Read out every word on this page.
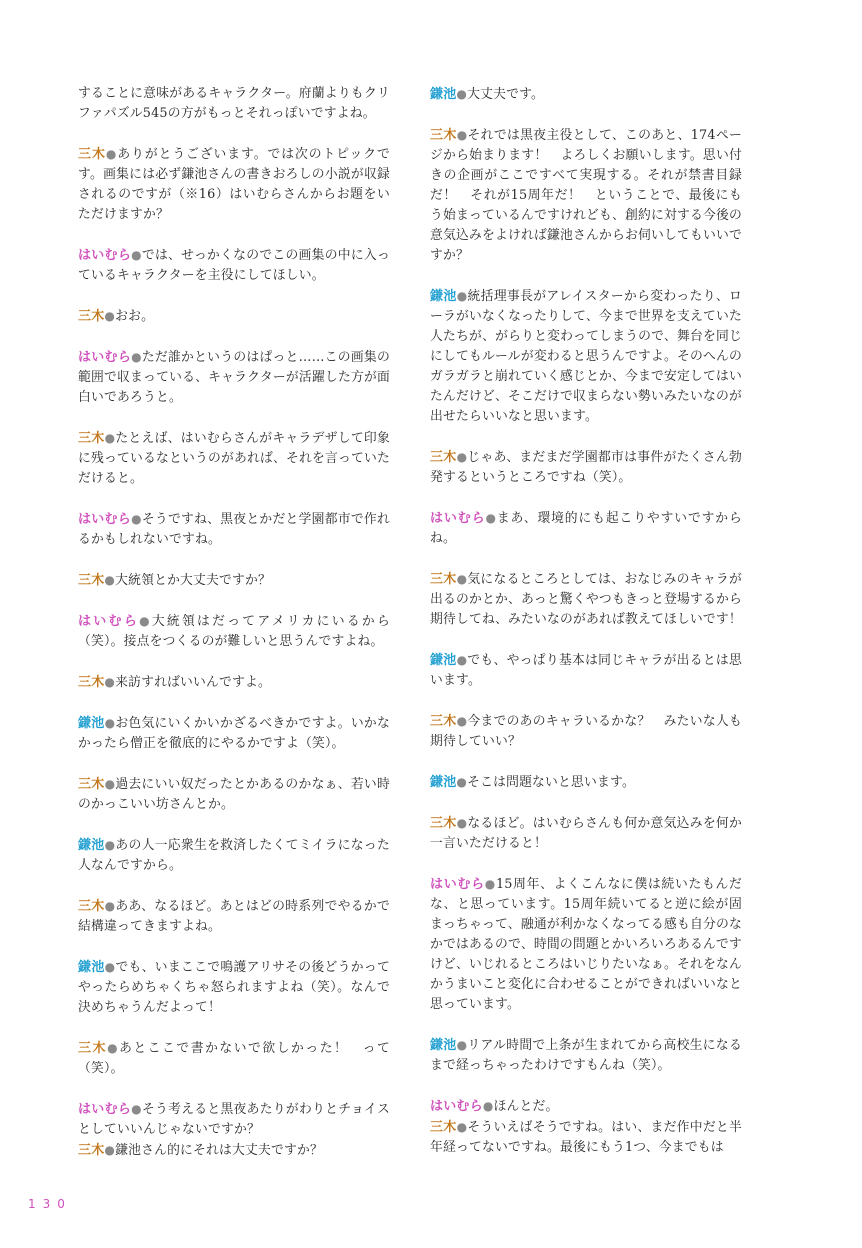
することに意味があるキャラクター。府蘭よりもクリファパズル545の方がもっとそれっぽいですよね。

三木●ありがとうございます。では次のトピックです。画集には必ず鎌池さんの書きおろしの小説が収録されるのですが（※16）はいむらさんからお題をいただけますか？

はいむら●では、せっかくなのでこの画集の中に入っているキャラクターを主役にしてほしい。

三木●おお。

はいむら●ただ誰かというのはぱっと……この画集の範囲で収まっている、キャラクターが活躍した方が面白いであろうと。

三木●たとえば、はいむらさんがキャラデザして印象に残っているなというのがあれば、それを言っていただけると。

はいむら●そうですね、黒夜とかだと学園都市で作れるかもしれないですね。

三木●大統領とか大丈夫ですか？

はいむら●大統領はだってアメリカにいるから（笑）。接点をつくるのが難しいと思うんですよね。

三木●来訪すればいいんですよ。

鎌池●お色気にいくかいかざるべきかですよ。いかなかったら僧正を徹底的にやるかですよ（笑）。

三木●過去にいい奴だったとかあるのかなぁ、若い時のかっこいい坊さんとか。

鎌池●あの人一応衆生を救済したくてミイラになった人なんですから。

三木●ああ、なるほど。あとはどの時系列でやるかで結構違ってきますよね。

鎌池●でも、いまここで鳴護アリサその後どうかってやったらめちゃくちゃ怒られますよね（笑）。なんで決めちゃうんだよって！

三木●あとここで書かないで欲しかった！　って（笑）。

はいむら●そう考えると黒夜あたりがわりとチョイスとしていいんじゃないですか？

三木●鎌池さん的にそれは大丈夫ですか？

鎌池●大丈夫です。

三木●それでは黒夜主役として、このあと、174ページから始まります！　よろしくお願いします。思い付きの企画がここですべて実現する。それが禁書目録だ！　それが15周年だ！　ということで、最後にもう始まっているんですけれども、創約に対する今後の意気込みをよければ鎌池さんからお伺いしてもいいですか？

鎌池●統括理事長がアレイスターから変わったり、ローラがいなくなったりして、今まで世界を支えていた人たちが、がらりと変わってしまうので、舞台を同じにしてもルールが変わると思うんですよ。そのへんのガラガラと崩れていく感じとか、今まで安定してはいたんだけど、そこだけで収まらない勢いみたいなのが出せたらいいなと思います。

三木●じゃあ、まだまだ学園都市は事件がたくさん勃発するというところですね（笑）。

はいむら●まあ、環境的にも起こりやすいですからね。

三木●気になるところとしては、おなじみのキャラが出るのかとか、あっと驚くやつもきっと登場するから期待してね、みたいなのがあれば教えてほしいです！

鎌池●でも、やっぱり基本は同じキャラが出るとは思います。

三木●今までのあのキャラいるかな？　みたいな人も期待していい？

鎌池●そこは問題ないと思います。

三木●なるほど。はいむらさんも何か意気込みを何か一言いただけると！

はいむら●15周年、よくこんなに僕は続いたもんだな、と思っています。15周年続いてると逆に絵が固まっちゃって、融通が利かなくなってる感も自分のなかではあるので、時間の問題とかいろいろあるんですけど、いじれるところはいじりたいなぁ。それをなんかうまいこと変化に合わせることができればいいなと思っています。

鎌池●リアル時間で上条が生まれてから高校生になるまで経っちゃったわけですもんね（笑）。

はいむら●ほんとだ。

三木●そういえばそうですね。はい、まだ作中だと半年経ってないですね。最後にもう1つ、今までもは

130
